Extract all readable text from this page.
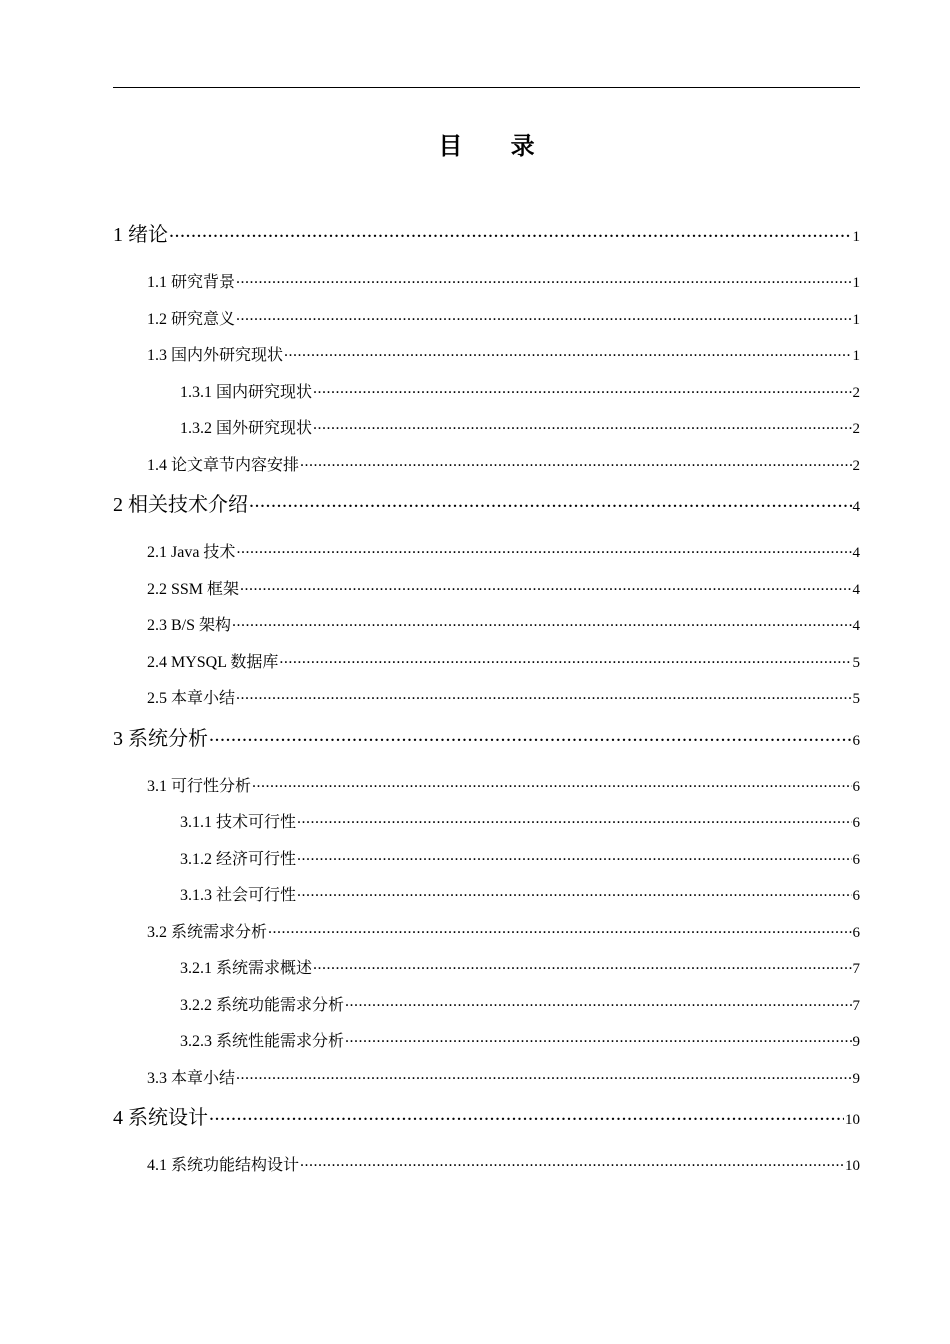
目 录
1 绪论 .....	1
1.1 研究背景 .....	1
1.2 研究意义 .....	1
1.3 国内外研究现状 .....	1
1.3.1 国内研究现状 .....	2
1.3.2 国外研究现状 .....	2
1.4 论文章节内容安排 .....	2
2 相关技术介绍 .....	4
2.1 Java 技术 .....	4
2.2 SSM 框架 .....	4
2.3 B/S 架构 .....	4
2.4 MYSQL 数据库 .....	5
2.5 本章小结 .....	5
3 系统分析 .....	6
3.1 可行性分析 .....	6
3.1.1 技术可行性 .....	6
3.1.2 经济可行性 .....	6
3.1.3 社会可行性 .....	6
3.2 系统需求分析 .....	6
3.2.1 系统需求概述 .....	7
3.2.2 系统功能需求分析 .....	7
3.2.3 系统性能需求分析 .....	9
3.3 本章小结 .....	9
4 系统设计 .....	10
4.1 系统功能结构设计 .....	10
